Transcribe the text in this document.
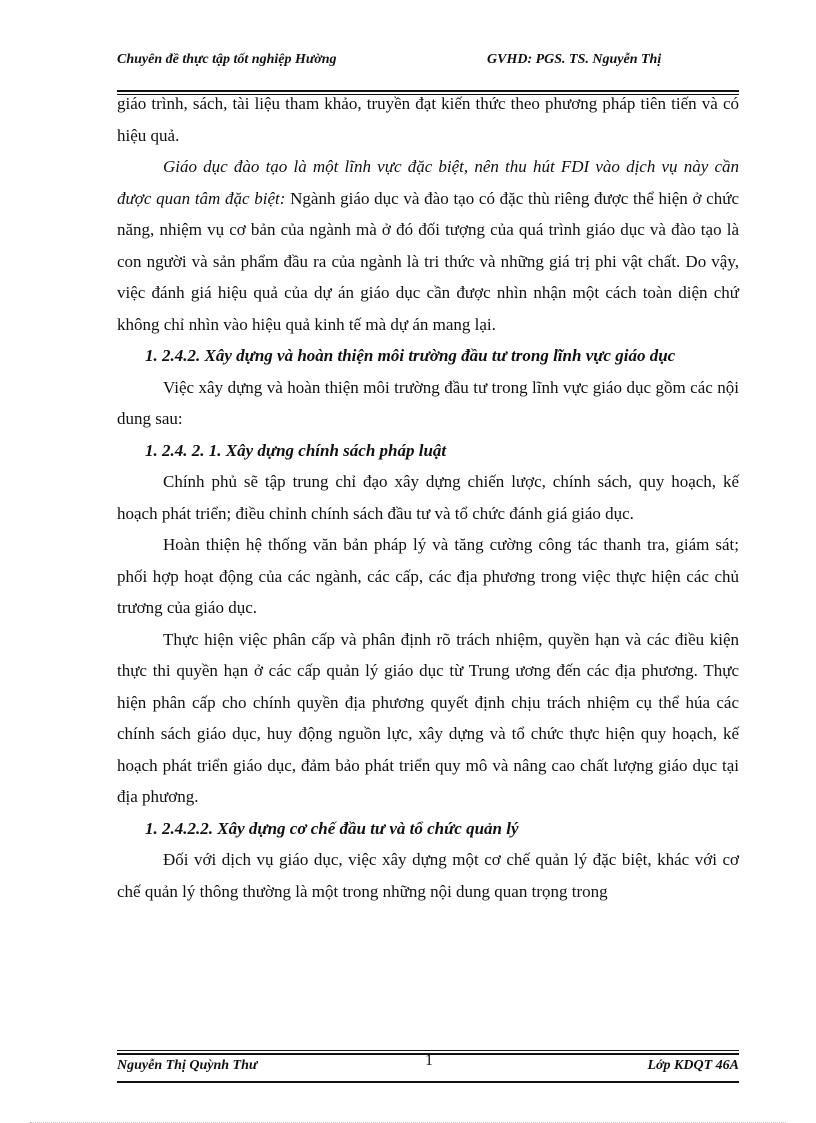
Chuyên đề thực tập tốt nghiệp Hường	GVHD: PGS. TS. Nguyễn Thị

giáo trình, sách, tài liệu tham khảo, truyền đạt kiến thức theo phương pháp tiên tiến và có hiệu quả.

Giáo dục đào tạo là một lĩnh vực đặc biệt, nên thu hút FDI vào dịch vụ này cần được quan tâm đặc biệt: Ngành giáo dục và đào tạo có đặc thù riêng được thể hiện ở chức năng, nhiệm vụ cơ bản của ngành mà ở đó đối tượng của quá trình giáo dục và đào tạo là con người và sản phẩm đầu ra của ngành là tri thức và những giá trị phi vật chất. Do vậy, việc đánh giá hiệu quả của dự án giáo dục cần được nhìn nhận một cách toàn diện chứ không chỉ nhìn vào hiệu quả kinh tế mà dự án mang lại.

1. 2.4.2. Xây dựng và hoàn thiện môi trường đầu tư trong lĩnh vực giáo dục

Việc xây dựng và hoàn thiện môi trường đầu tư trong lĩnh vực giáo dục gồm các nội dung sau:

1. 2.4. 2. 1. Xây dựng chính sách pháp luật

Chính phủ sẽ tập trung chỉ đạo xây dựng chiến lược, chính sách, quy hoạch, kế hoạch phát triển; điều chỉnh chính sách đầu tư và tổ chức đánh giá giáo dục.

Hoàn thiện hệ thống văn bản pháp lý và tăng cường công tác thanh tra, giám sát; phối hợp hoạt động của các ngành, các cấp, các địa phương trong việc thực hiện các chủ trương của giáo dục.

Thực hiện việc phân cấp và phân định rõ trách nhiệm, quyền hạn và các điều kiện thực thi quyền hạn ở các cấp quản lý giáo dục từ Trung ương đến các địa phương. Thực hiện phân cấp cho chính quyền địa phương quyết định chịu trách nhiệm cụ thể húa các chính sách giáo dục, huy động nguồn lực, xây dựng và tổ chức thực hiện quy hoạch, kế hoạch phát triển giáo dục, đảm bảo phát triển quy mô và nâng cao chất lượng giáo dục tại địa phương.

1. 2.4.2.2. Xây dựng cơ chế đầu tư và tổ chức quản lý

Đối với dịch vụ giáo dục, việc xây dựng một cơ chế quản lý đặc biệt, khác với cơ chế quản lý thông thường là một trong những nội dung quan trọng trong

Nguyễn Thị Quỳnh Thư	1	Lớp KDQT 46A
